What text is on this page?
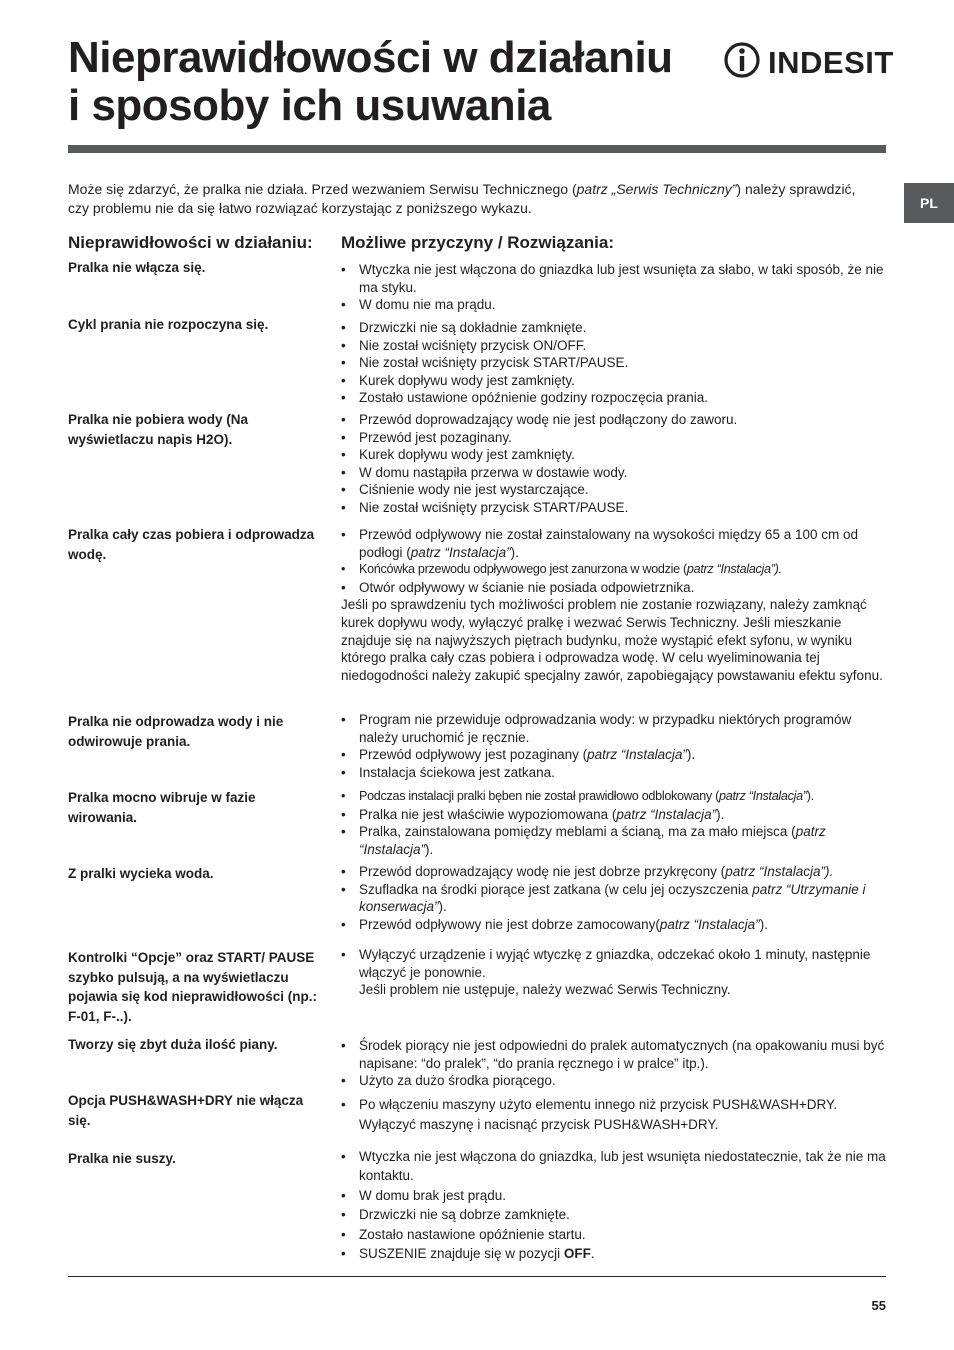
Nieprawidłowości w działaniu
i sposoby ich usuwania
INDESIT
PL

Może się zdarzyć, że pralka nie działa. Przed wezwaniem Serwisu Technicznego (patrz „Serwis Techniczny”) należy sprawdzić, czy problemu nie da się łatwo rozwiązać korzystając z poniższego wykazu.

Nieprawidłowości w działaniu: Możliwe przyczyny / Rozwiązania:
Pralka nie włącza się.	• Wtyczka nie jest włączona do gniazdka lub jest wsunięta za słabo, w taki sposób, że nie ma styku.
• W domu nie ma prądu.
Cykl prania nie rozpoczyna się.	• Drzwiczki nie są dokładnie zamknięte.
• Nie został wciśnięty przycisk ON/OFF.
• Nie został wciśnięty przycisk START/PAUSE.
• Kurek dopływu wody jest zamknięty.
• Zostało ustawione opóźnienie godziny rozpoczęcia prania.
Pralka nie pobiera wody (Na wyświetlaczu napis H2O).
• Przewód doprowadzający wodę nie jest podłączony do zaworu.
• Przewód jest pozaginany.
• Kurek dopływu wody jest zamknięty.
• W domu nastąpiła przerwa w dostawie wody.
• Ciśnienie wody nie jest wystarczające.
• Nie został wciśnięty przycisk START/PAUSE.
Pralka cały czas pobiera i odprowadza wodę.
• Przewód odpływowy nie został zainstalowany na wysokości między 65 a 100 cm od podłogi (patrz “Instalacja”).
• Końcówka przewodu odpływowego jest zanurzona w wodzie (patrz “Instalacja”).
• Otwór odpływowy w ścianie nie posiada odpowietrznika.

Jeśli po sprawdzeniu tych możliwości problem nie zostanie rozwiązany, należy zamknąć kurek dopływu wody, wyłączyć pralkę i wezwać Serwis Techniczny. Jeśli mieszkanie znajduje się na najwyższych piętrach budynku, może wystąpić efekt syfonu, w wyniku którego pralka cały czas pobiera i odprowadza wodę. W celu wyeliminowania tej niedogodności należy zakupić specjalny zawór, zapobiegający powstawaniu efektu syfonu.

Pralka nie odprowadza wody i nie odwirowuje prania.
• Program nie przewiduje odprowadzania wody: w przypadku niektórych programów należy uruchomić je ręcznie.
• Przewód odpływowy jest pozaginany (patrz “Instalacja”).
• Instalacja ściekowa jest zatkana.
Pralka mocno wibruje w fazie wirowania.
• Podczas instalacji pralki bęben nie został prawidłowo odblokowany (patrz “Instalacja”).
• Pralka nie jest właściwie wypoziomowana (patrz “Instalacja”).
• Pralka, zainstalowana pomiędzy meblami a ścianą, ma za mało miejsca (patrz “Instalacja”).
Z pralki wycieka woda.	• Przewód doprowadzający wodę nie jest dobrze przykręcony (patrz “Instalacja”).
• Szufladka na środki piorące jest zatkana (w celu jej oczyszczenia patrz “Utrzymanie i konserwacja”).
• Przewód odpływowy nie jest dobrze zamocowany(patrz “Instalacja”).
Kontrolki “Opcje” oraz START/ PAUSE szybko pulsują, a na wyświetlaczu pojawia się kod nieprawidłowości (np.: F-01, F-..).
• Wyłączyć urządzenie i wyjąć wtyczkę z gniazdka, odczekać około 1 minuty, następnie włączyć je ponownie.

Jeśli problem nie ustępuje, należy wezwać Serwis Techniczny.

Tworzy się zbyt duża ilość piany.	• Środek piorący nie jest odpowiedni do pralek automatycznych (na opakowaniu musi być napisane: “do pralek”, “do prania ręcznego i w pralce” itp.).
• Użyto za dużo środka piorącego.
Opcja PUSH&WASH+DRY nie włącza się.
• Po włączeniu maszyny użyto elementu innego niż przycisk PUSH&WASH+DRY. Wyłączyć maszynę i nacisnąć przycisk PUSH&WASH+DRY.
Pralka nie suszy.	• Wtyczka nie jest włączona do gniazdka, lub jest wsunięta niedostatecznie, tak że nie ma kontaktu.
• W domu brak jest prądu.
• Drzwiczki nie są dobrze zamknięte.
• Zostało nastawione opóźnienie startu.
• SUSZENIE znajduje się w pozycji OFF.
55
